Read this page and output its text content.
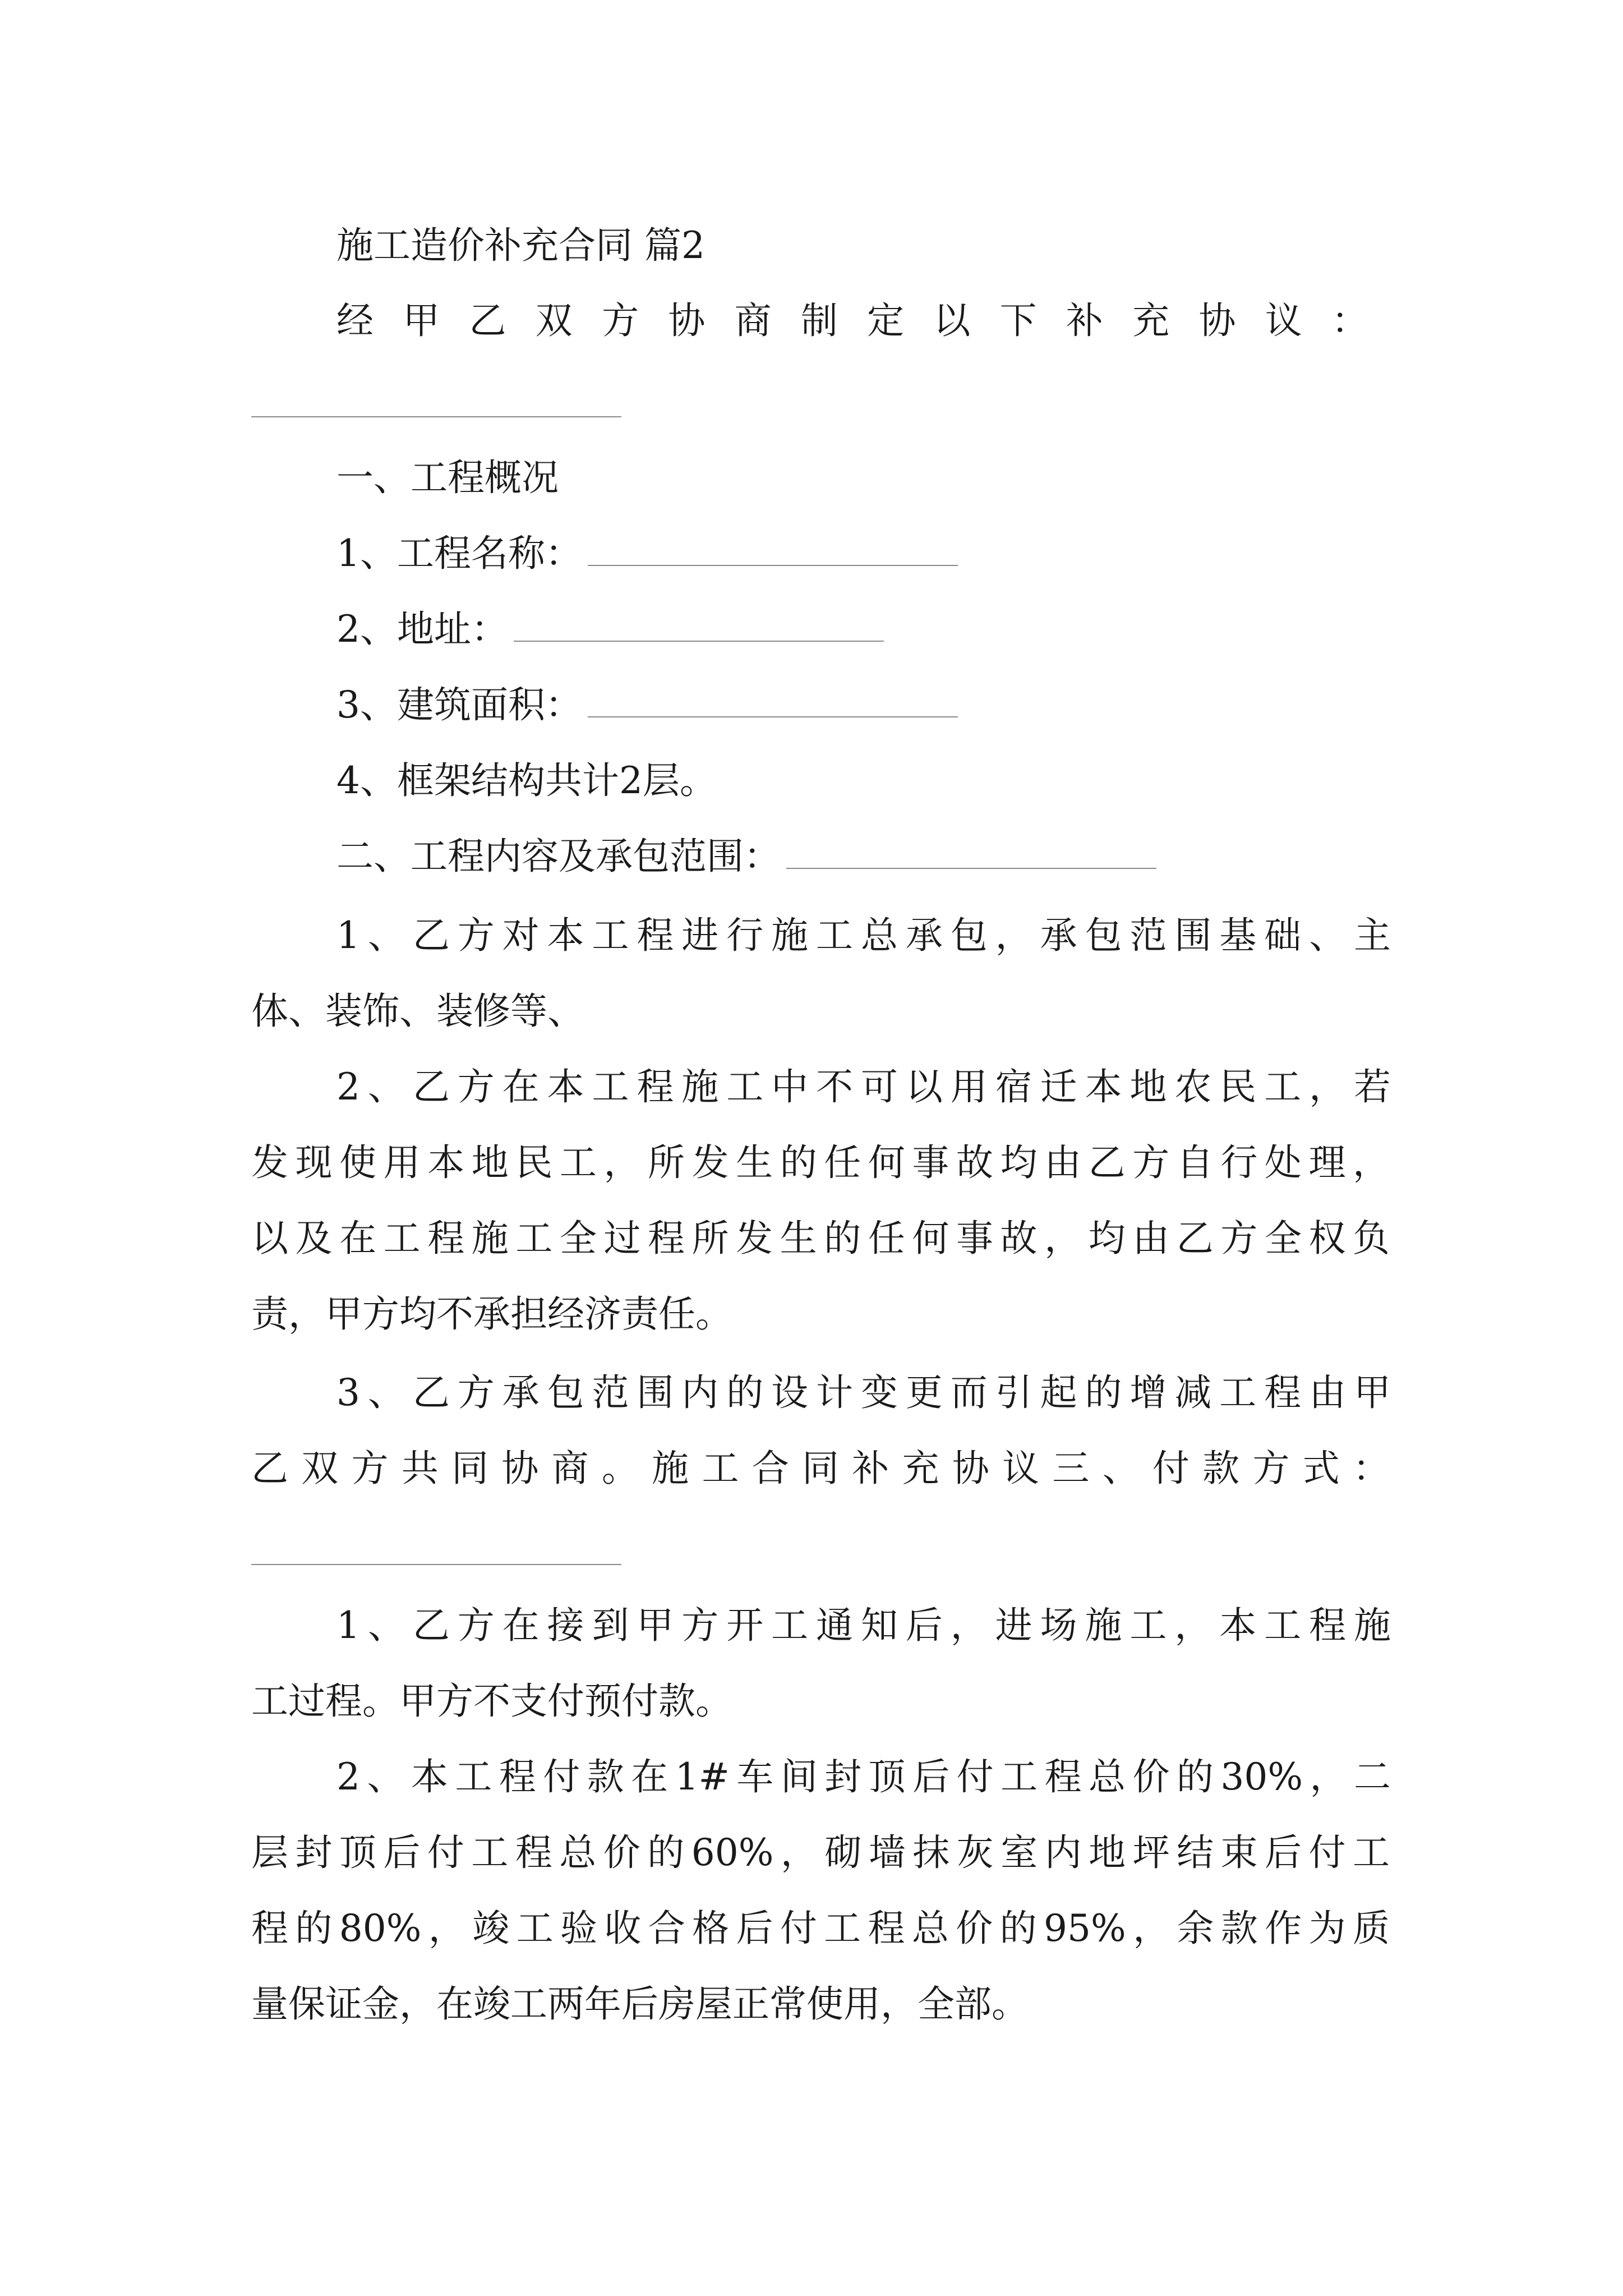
施工造价补充合同 篇2
经甲乙双方协商制定以下补充协议：
一、工程概况
1、工程名称：
2、地址：
3、建筑面积：
4、框架结构共计2层。
二、工程内容及承包范围：
1、乙方对本工程进行施工总承包，承包范围基础、主
体、装饰、装修等、
2、乙方在本工程施工中不可以用宿迁本地农民工，若
发现使用本地民工，所发生的任何事故均由乙方自行处理，
以及在工程施工全过程所发生的任何事故，均由乙方全权负
责，甲方均不承担经济责任。
3、乙方承包范围内的设计变更而引起的增减工程由甲
乙双方共同协商。施工合同补充协议三、付款方式：
1、乙方在接到甲方开工通知后，进场施工，本工程施
工过程。甲方不支付预付款。
2、本工程付款在1#车间封顶后付工程总价的30%，二
层封顶后付工程总价的60%，砌墙抹灰室内地坪结束后付工
程的80%，竣工验收合格后付工程总价的95%，余款作为质
量保证金，在竣工两年后房屋正常使用，全部。
